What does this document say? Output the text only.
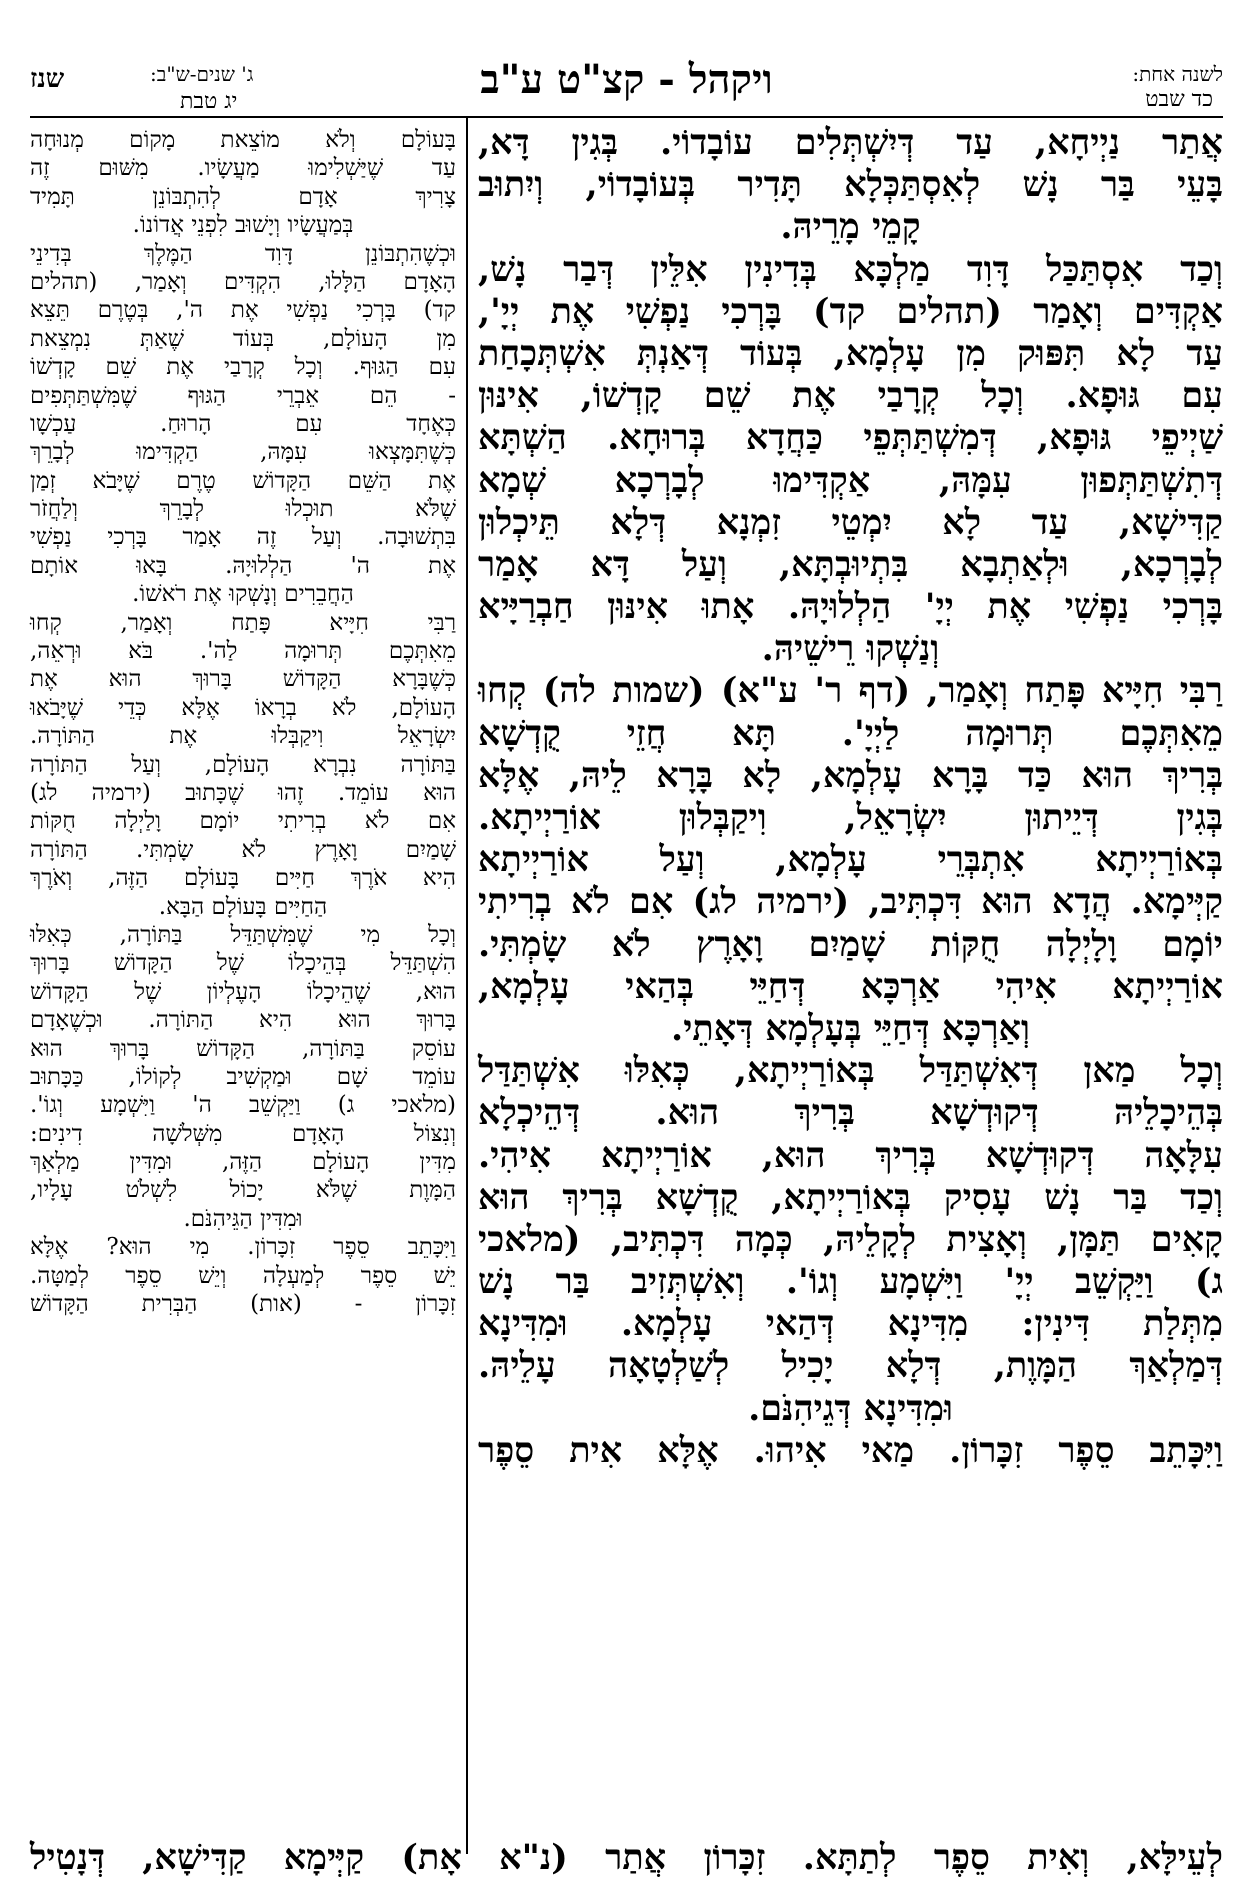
ויקהל - קצ"ט ע"ב	לשנה אחת:
כד שבט
ג' שנים-ש"ב:
יג טבת
שנז
אֲתַר נַיְיחָא, עַד דְּיִשְׁתְּלִים עוֹבָדוֹי. בְּגִין דָּא,
בָּעֵי בַּר נָשׁ לְאִסְתַּכְּלָא תָּדִיר בְּעוֹבָדוֹי, וְיִתוּב
קָמֵי מָרֵיהּ.
וְכַד אִסְתַּכַּל דָּוִד מַלְכָּא בְּדִינִין אִלֵּין דְּבַר נָשׁ,
אַקְדִּים וְאָמַר (תהלים קד) בָּרְכִי נַפְשִׁי אֶת יְיָ',
עַד לָא תִּפּוּק מִן עָלְמָא, בְּעוֹד דְּאַנְתְּ אִשְׁתְּכָחַת
עִם גּוּפָא. וְכָל קְרָבַי אֶת שֵׁם קָדְשׁוֹ, אִינּוּן
שַׁיְיפֵי גּוּפָא, דְּמִשְׁתַּתְּפֵי כַּחֲדָא בְּרוּחָא. הַשְׁתָּא
דְּתִשְׁתַּתְּפוּן עִמָּהּ, אַקְדִּימוּ לְבָרְכָא שְׁמָא
קַדִּישָׁא, עַד לָא יִמְטֵי זִמְנָא דְּלָא תֵּיכְלוּן
לְבָרְכָא, וּלְאַתְבָא בִּתְיוּבְתָּא, וְעַל דָּא אָמַר
בָּרְכִי נַפְשִׁי אֶת יְיָ' הַלְלוּיָהּ. אָתוּ אִינּוּן חַבְרַיָּיא
וְנַשְׁקוּ רֵישֵׁיהּ.
רַבִּי חִיָּיא פָּתַח וְאָמַר, (דף ר' ע"א) (שמות לה) קְחוּ
מֵאִתְּכֶם תְּרוּמָה לַיְיָ'. תָּא חֲזֵי קֻדְשָׁא
בְּרִיךְ הוּא כַּד בָּרָא עָלְמָא, לָא בָּרָא לֵיהּ, אֶלָּא
בְּגִין דְּיֵיתוּן יִשְׂרָאֵל, וִיקַבְּלוּן אוֹרַיְיתָא.
בְּאוֹרַיְיתָא אִתְבְּרֵי עָלְמָא, וְעַל אוֹרַיְיתָא
קַיְּימָא. הֲדָא הוּא דִּכְתִּיב, (ירמיה לג) אִם לֹא בְרִיתִי
יוֹמָם וָלָיְלָה חֻקּוֹת שָׁמַיִם וָאָרֶץ לֹא שָׂמְתִּי.
אוֹרַיְיתָא אִיהִי אַרְכָּא דְּחַיֵּי בְּהַאי עָלְמָא,
וְאַרְכָּא דְּחַיֵּי בְּעָלְמָא דְּאָתֵי.
וְכָל מַאן דְּאִשְׁתַּדַּל בְּאוֹרַיְיתָא, כְּאִלּוּ אִשְׁתַּדַּל
בְּהֵיכָלֵיהּ דְּקוּדְשָׁא בְּרִיךְ הוּא. דְּהֵיכְלָא
עִלָּאָה דְּקוּדְשָׁא בְּרִיךְ הוּא, אוֹרַיְיתָא אִיהִי.
וְכַד בַּר נָשׁ עָסִיק בְּאוֹרַיְיתָא, קֻדְשָׁא בְּרִיךְ הוּא
קָאִים תַּמָּן, וְאָצִית לְקָלֵיהּ, כְּמָה דִּכְתִּיב, (מלאכי
ג) וַיַּקְשֵׁב יְיָ' וַיִּשְׁמָע וְגוֹ'. וְאִשְׁתְּזִיב בַּר נָשׁ
מִתְּלַת דִּינִין: מִדִּינָא דְּהַאי עָלְמָא. וּמִדִּינָא
דְּמַלְאַךְ הַמָּוֶת, דְּלָא יָכִיל לְשַׁלְטָאָה עָלֵיהּ.
וּמִדִּינָא דְּגֵיהִנֹּם.
וַיִּכָּתֵב סֵפֶר זִכָּרוֹן. מַאי אִיהוּ. אֶלָּא אִית סֵפֶר
בָּעוֹלָם וְלֹא מוֹצֵאת מָקוֹם מְנוּחָה
עַד שֶׁיַּשְׁלִימוּ מַעֲשָׂיו. מִשּׁוּם זֶה
צָרִיךְ אָדָם לְהִתְבּוֹנֵן תָּמִיד
בְּמַעֲשָׂיו וְיָשׁוּב לִפְנֵי אֲדוֹנוֹ.
וּכְשֶׁהִתְבּוֹנֵן דָּוִד הַמֶּלֶךְ בְּדִינֵי
הָאָדָם הַלָּלוּ, הִקְדִּים וְאָמַר, (תהלים
קד) בָּרְכִי נַפְשִׁי אֶת ה', בְּטֶרֶם תֵּצֵא
מִן הָעוֹלָם, בְּעוֹד שֶׁאַתְּ נִמְצֵאת
עִם הַגּוּף. וְכָל קְרָבַי אֶת שֵׁם קָדְשׁוֹ
- הֵם אֵבְרֵי הַגּוּף שֶׁמִּשְׁתַּתְּפִים
כְּאֶחָד עִם הָרוּחַ. עַכְשָׁו
כְּשֶׁתִּמָּצְאוּ עִמָּהּ, הַקְדִּימוּ לְבָרֵךְ
אֶת הַשֵּׁם הַקָּדוֹשׁ טֶרֶם שֶׁיָּבֹא זְמַן
שֶׁלֹּא תוּכְלוּ לְבָרֵךְ וְלַחֲזֹר
בִּתְשׁוּבָה. וְעַל זֶה אָמַר בָּרְכִי נַפְשִׁי
אֶת ה' הַלְלוּיָהּ. בָּאוּ אוֹתָם
הַחֲבֵרִים וְנָשְׁקוּ אֶת רֹאשׁוֹ.
רַבִּי חִיָּיא פָּתַח וְאָמַר, קְחוּ
מֵאִתְּכֶם תְּרוּמָה לַה'. בֹּא וּרְאֵה,
כְּשֶׁבָּרָא הַקָּדוֹשׁ בָּרוּךְ הוּא אֶת
הָעוֹלָם, לֹא בְרָאוֹ אֶלָּא כְּדֵי שֶׁיָּבֹאוּ
יִשְׂרָאֵל וִיקַבְּלוּ אֶת הַתּוֹרָה.
בַּתּוֹרָה נִבְרָא הָעוֹלָם, וְעַל הַתּוֹרָה
הוּא עוֹמֵד. זֶהוּ שֶׁכָּתוּב (ירמיה לג)
אִם לֹא בְרִיתִי יוֹמָם וָלַיְלָה חֻקּוֹת
שָׁמַיִם וָאָרֶץ לֹא שָׂמְתִּי. הַתּוֹרָה
הִיא אֹרֶךְ חַיִּים בָּעוֹלָם הַזֶּה, וְאֹרֶךְ
הַחַיִּים בָּעוֹלָם הַבָּא.
וְכָל מִי שֶׁמִּשְׁתַּדֵּל בַּתּוֹרָה, כְּאִלּוּ
הִשְׁתַּדֵּל בְּהֵיכָלוֹ שֶׁל הַקָּדוֹשׁ בָּרוּךְ
הוּא, שֶׁהֵיכָלוֹ הָעֶלְיוֹן שֶׁל הַקָּדוֹשׁ
בָּרוּךְ הוּא הִיא הַתּוֹרָה. וּכְשֶׁאָדָם
עוֹסֵק בַּתּוֹרָה, הַקָּדוֹשׁ בָּרוּךְ הוּא
עוֹמֵד שָׁם וּמַקְשִׁיב לְקוֹלוֹ, כַּכָּתוּב
(מלאכי ג) וַיַּקְשֵׁב ה' וַיִּשְׁמָע וְגוֹ'.
וְנִצּוֹל הָאָדָם מִשְּׁלֹשָׁה דִינִים:
מִדִּין הָעוֹלָם הַזֶּה, וּמִדִּין מַלְאַךְ
הַמָּוֶת שֶׁלֹּא יָכוֹל לִשְׁלֹט עָלָיו,
וּמִדִּין הַגֵּיהִנֹּם.
וַיִּכָּתֵב סֵפֶר זִכָּרוֹן. מִי הוּא? אֶלָּא
יֵשׁ סֵפֶר לְמַעְלָה וְיֵשׁ סֵפֶר לְמַטָּה.
זִכָּרוֹן - (אות) הַבְּרִית הַקָּדוֹשׁ
לְעֵילָּא, וְאִית סֵפֶר לְתַתָּא. זִכָּרוֹן אֲתַר (נ"א אָת) קַיְּימָא קַדִּישָׁא, דְּנָטִיל
